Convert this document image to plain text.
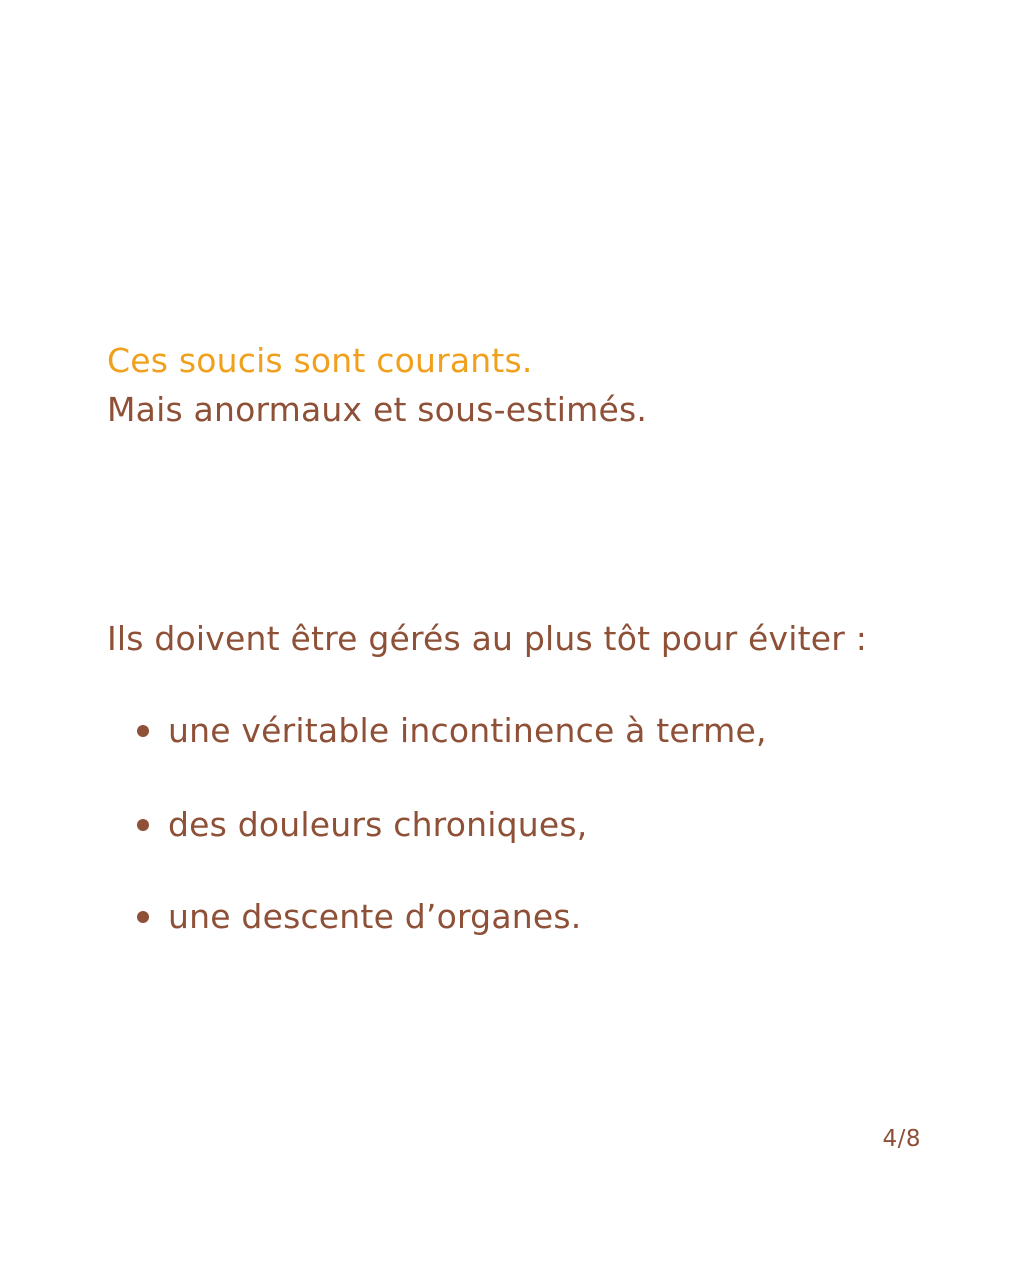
Ces soucis sont courants.
Mais anormaux et sous-estimés.
Ils doivent être gérés au plus tôt pour éviter :
une véritable incontinence à terme,
des douleurs chroniques,
une descente d’organes.
4/8
